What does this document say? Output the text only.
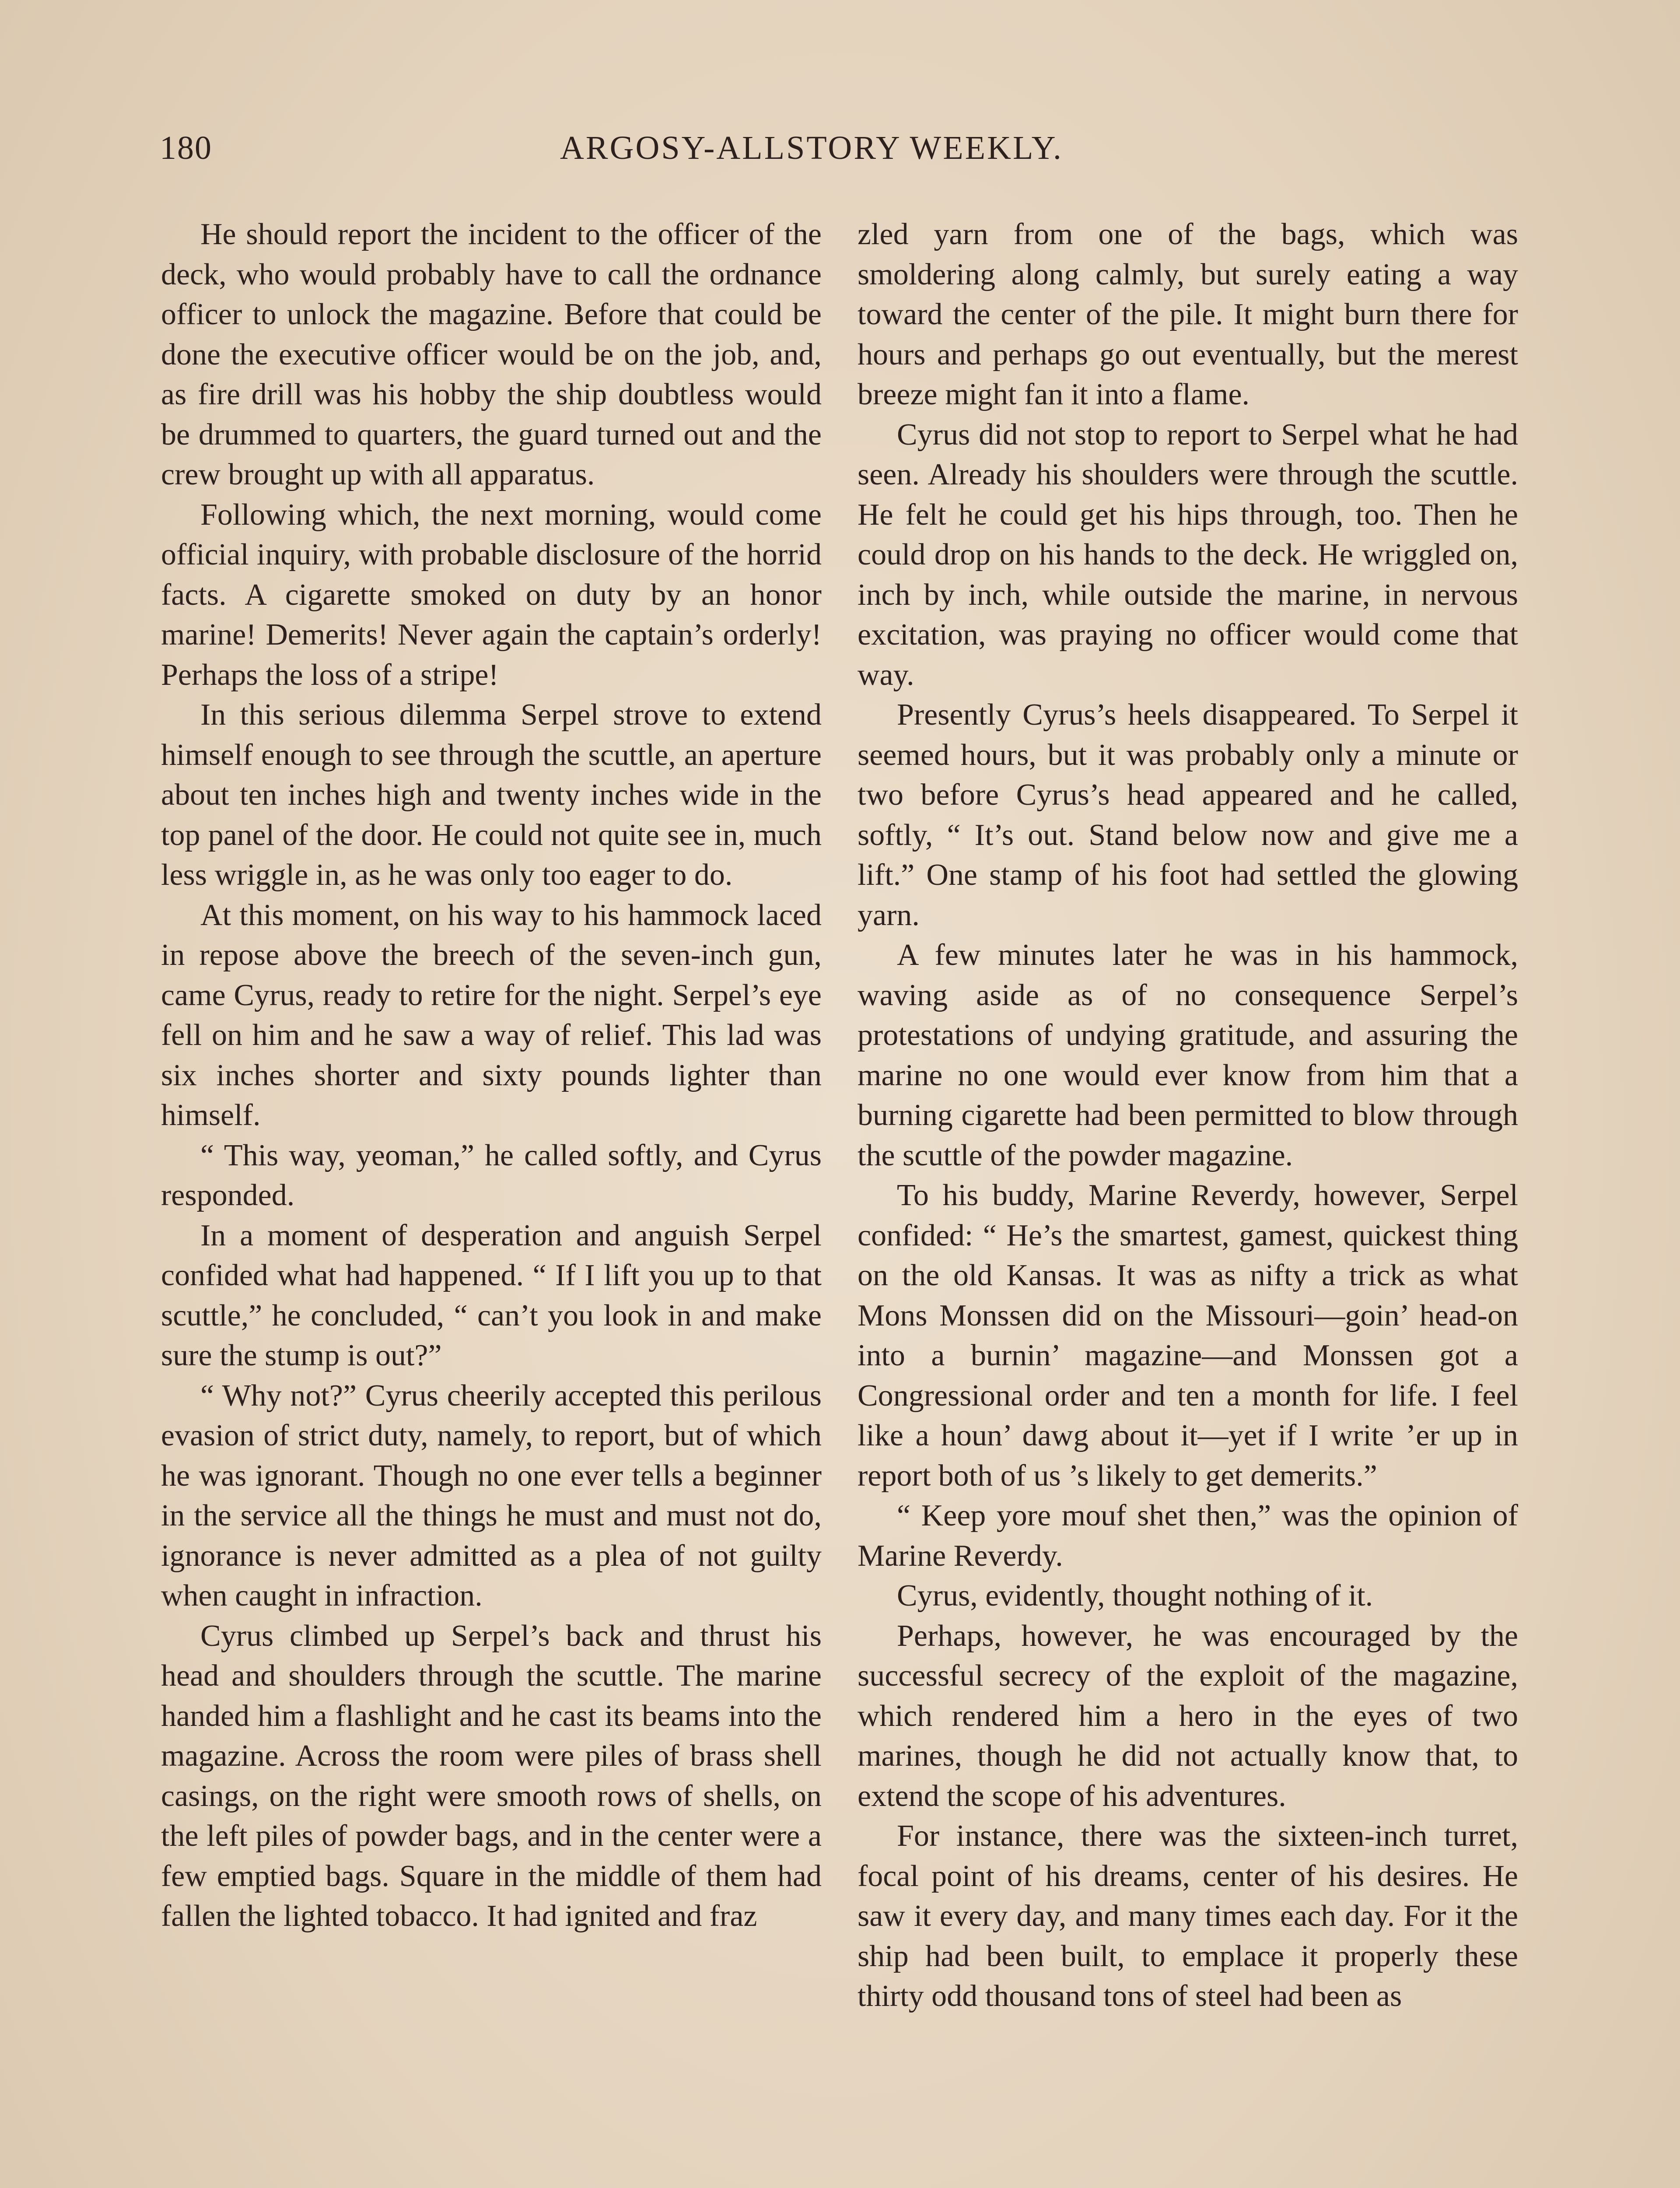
180	ARGOSY-ALLSTORY WEEKLY.

He should report the incident to the officer of the deck, who would probably have to call the ordnance officer to unlock the magazine. Before that could be done the executive officer would be on the job, and, as fire drill was his hobby the ship doubtless would be drummed to quarters, the guard turned out and the crew brought up with all apparatus.

Following which, the next morning, would come official inquiry, with probable disclosure of the horrid facts. A cigarette smoked on duty by an honor marine! Demerits! Never again the captain’s orderly! Perhaps the loss of a stripe!

In this serious dilemma Serpel strove to extend himself enough to see through the scuttle, an aperture about ten inches high and twenty inches wide in the top panel of the door. He could not quite see in, much less wriggle in, as he was only too eager to do.

At this moment, on his way to his hammock laced in repose above the breech of the seven-inch gun, came Cyrus, ready to retire for the night. Serpel’s eye fell on him and he saw a way of relief. This lad was six inches shorter and sixty pounds lighter than himself.

“ This way, yeoman,” he called softly, and Cyrus responded.

In a moment of desperation and anguish Serpel confided what had happened. “ If I lift you up to that scuttle,” he concluded, “ can’t you look in and make sure the stump is out?”

“ Why not?” Cyrus cheerily accepted this perilous evasion of strict duty, namely, to report, but of which he was ignorant. Though no one ever tells a beginner in the service all the things he must and must not do, ignorance is never admitted as a plea of not guilty when caught in infraction.

Cyrus climbed up Serpel’s back and thrust his head and shoulders through the scuttle. The marine handed him a flashlight and he cast its beams into the magazine. Across the room were piles of brass shell casings, on the right were smooth rows of shells, on the left piles of powder bags, and in the center were a few emptied bags. Square in the middle of them had fallen the lighted tobacco. It had ignited and fraz

zled yarn from one of the bags, which was smoldering along calmly, but surely eating a way toward the center of the pile. It might burn there for hours and perhaps go out eventually, but the merest breeze might fan it into a flame.

Cyrus did not stop to report to Serpel what he had seen. Already his shoulders were through the scuttle. He felt he could get his hips through, too. Then he could drop on his hands to the deck. He wriggled on, inch by inch, while outside the marine, in nervous excitation, was praying no officer would come that way.

Presently Cyrus’s heels disappeared. To Serpel it seemed hours, but it was probably only a minute or two before Cyrus’s head appeared and he called, softly, “ It’s out. Stand below now and give me a lift.” One stamp of his foot had settled the glowing yarn.

A few minutes later he was in his hammock, waving aside as of no consequence Serpel’s protestations of undying gratitude, and assuring the marine no one would ever know from him that a burning cigarette had been permitted to blow through the scuttle of the powder magazine.

To his buddy, Marine Reverdy, however, Serpel confided: “ He’s the smartest, gamest, quickest thing on the old Kansas. It was as nifty a trick as what Mons Monssen did on the Missouri—goin’ head-on into a burnin’ magazine—and Monssen got a Congressional order and ten a month for life. I feel like a houn’ dawg about it—yet if I write ’er up in report both of us ’s likely to get demerits.”

“ Keep yore mouf shet then,” was the opinion of Marine Reverdy.

Cyrus, evidently, thought nothing of it.

Perhaps, however, he was encouraged by the successful secrecy of the exploit of the magazine, which rendered him a hero in the eyes of two marines, though he did not actually know that, to extend the scope of his adventures.

For instance, there was the sixteen-inch turret, focal point of his dreams, center of his desires. He saw it every day, and many times each day. For it the ship had been built, to emplace it properly these thirty odd thousand tons of steel had been as
